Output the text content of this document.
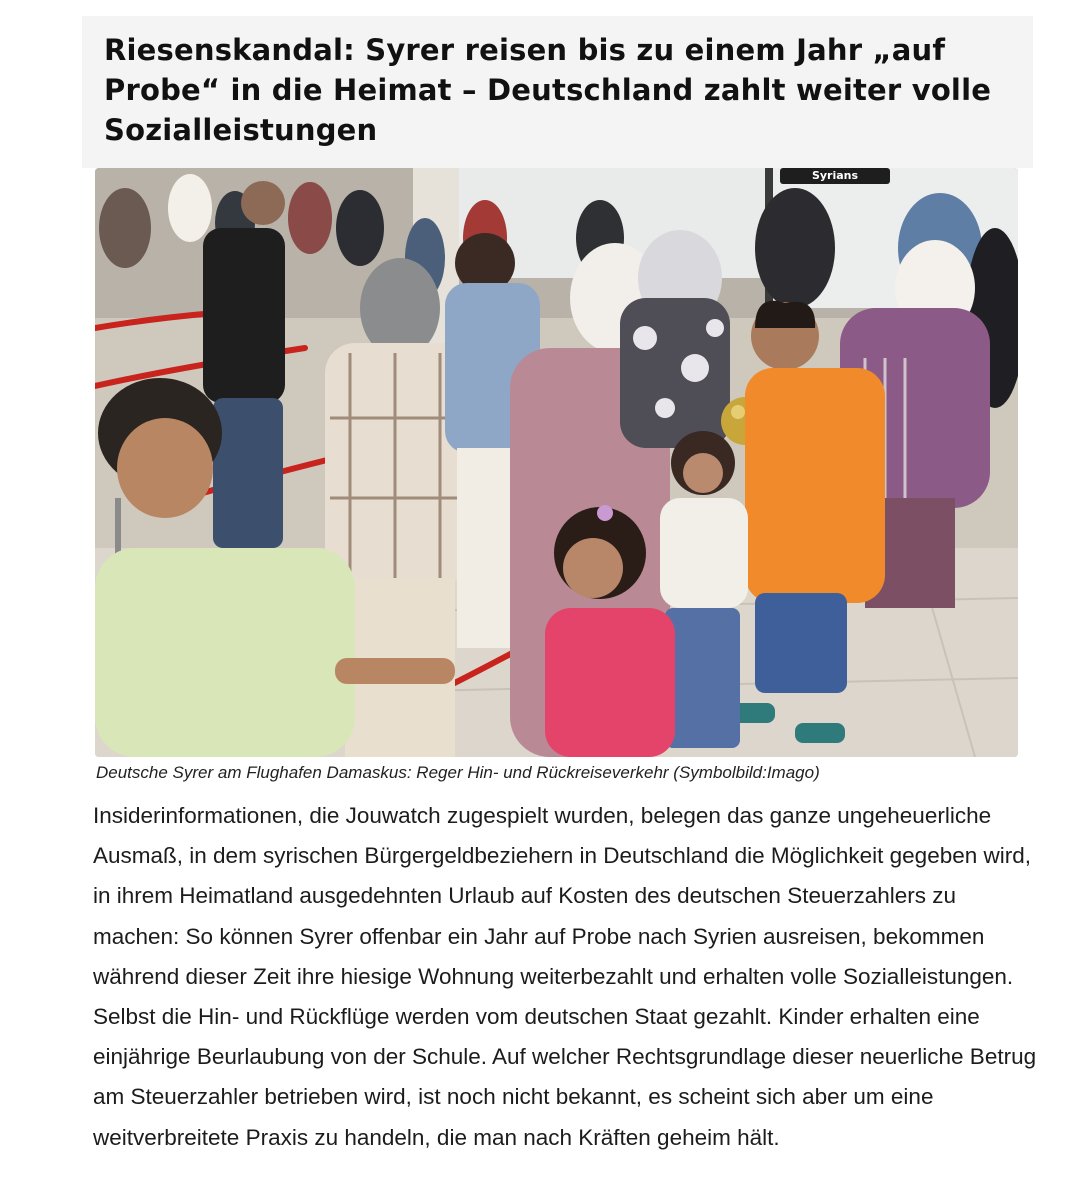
Riesenskandal: Syrer reisen bis zu einem Jahr „auf Probe“ in die Heimat – Deutschland zahlt weiter volle Sozialleistungen
Syrians
Deutsche Syrer am Flughafen Damaskus: Reger Hin- und Rückreiseverkehr (Symbolbild:Imago)

Insiderinformationen, die Jouwatch zugespielt wurden, belegen das ganze ungeheuerliche Ausmaß, in dem syrischen Bürgergeldbeziehern in Deutschland die Möglichkeit gegeben wird, in ihrem Heimatland ausgedehnten Urlaub auf Kosten des deutschen Steuerzahlers zu machen: So können Syrer offenbar ein Jahr auf Probe nach Syrien ausreisen, bekommen während dieser Zeit ihre hiesige Wohnung weiterbezahlt und erhalten volle Sozialleistungen. Selbst die Hin- und Rückflüge werden vom deutschen Staat gezahlt. Kinder erhalten eine einjährige Beurlaubung von der Schule. Auf welcher Rechtsgrundlage dieser neuerliche Betrug am Steuerzahler betrieben wird, ist noch nicht bekannt, es scheint sich aber um eine weitverbreitete Praxis zu handeln, die man nach Kräften geheim hält.
